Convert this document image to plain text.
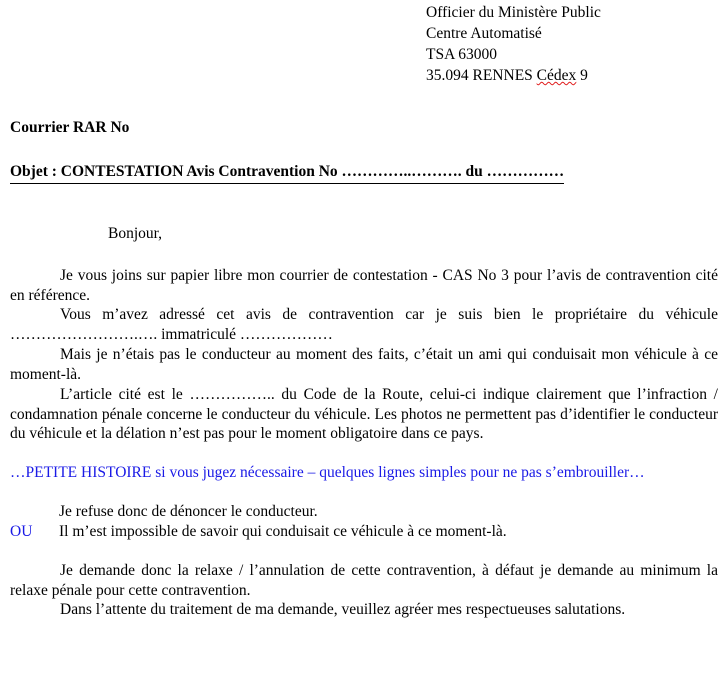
Officier du Ministère Public
Centre Automatisé
TSA 63000
35.094 RENNES Cédex 9
Courrier RAR No
Objet : CONTESTATION Avis Contravention No …………..………. du ……………

Bonjour,

Je vous joins sur papier libre mon courrier de contestation - CAS No 3 pour l’avis de contravention cité en référence.

Vous m’avez adressé cet avis de contravention car je suis bien le propriétaire du véhicule …………………….…. immatriculé ………………

Mais je n’étais pas le conducteur au moment des faits, c’était un ami qui conduisait mon véhicule à ce moment-là.

L’article cité est le …………….. du Code de la Route, celui-ci indique clairement que l’infraction / condamnation pénale concerne le conducteur du véhicule. Les photos ne permettent pas d’identifier le conducteur du véhicule et la délation n’est pas pour le moment obligatoire dans ce pays.

…PETITE HISTOIRE si vous jugez nécessaire – quelques lignes simples pour ne pas s’embrouiller…

Je refuse donc de dénoncer le conducteur.

OU Il m’est impossible de savoir qui conduisait ce véhicule à ce moment-là.

Je demande donc la relaxe / l’annulation de cette contravention, à défaut je demande au minimum la relaxe pénale pour cette contravention.

Dans l’attente du traitement de ma demande, veuillez agréer mes respectueuses salutations.
